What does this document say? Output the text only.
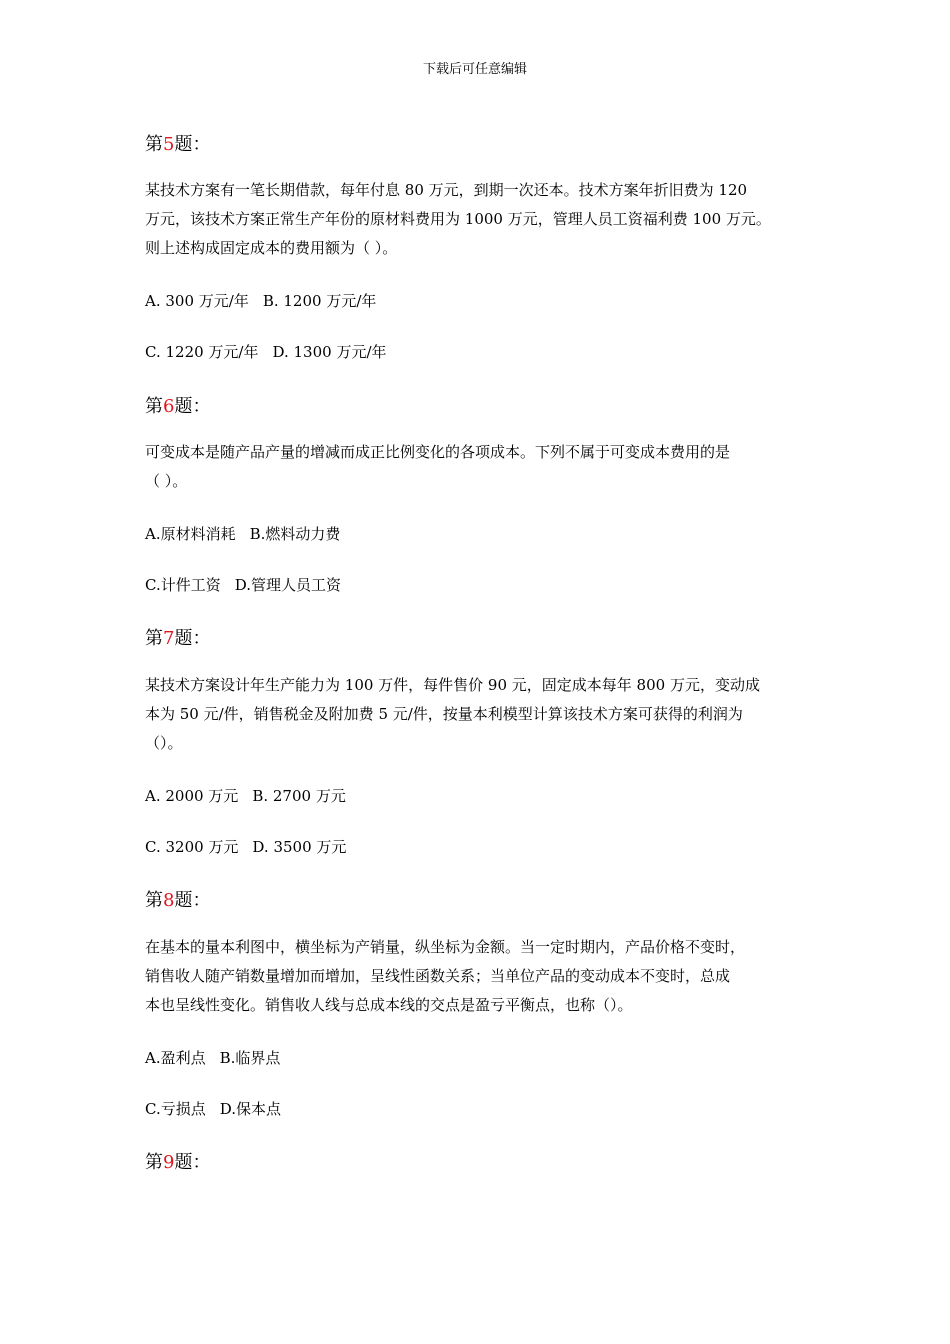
下载后可任意编辑
第5题：

某技术方案有一笔长期借款，每年付息 80 万元，到期一次还本。技术方案年折旧费为 120
万元，该技术方案正常生产年份的原材料费用为 1000 万元，管理人员工资福利费 100 万元。
则上述构成固定成本的费用额为（ ）。

A. 300 万元/年 B. 1200 万元/年
C. 1220 万元/年 D. 1300 万元/年
第6题：

可变成本是随产品产量的增减而成正比例变化的各项成本。下列不属于可变成本费用的是
（ ）。

A.原材料消耗 B.燃料动力费
C.计件工资 D.管理人员工资
第7题：

某技术方案设计年生产能力为 100 万件，每件售价 90 元，固定成本每年 800 万元，变动成
本为 50 元/件，销售税金及附加费 5 元/件，按量本利模型计算该技术方案可获得的利润为
（）。

A. 2000 万元 B. 2700 万元
C. 3200 万元 D. 3500 万元
第8题：

在基本的量本利图中，横坐标为产销量，纵坐标为金额。当一定时期内，产品价格不变时，
销售收人随产销数量增加而增加，呈线性函数关系；当单位产品的变动成本不变时，总成
本也呈线性变化。销售收人线与总成本线的交点是盈亏平衡点，也称（）。

A.盈利点 B.临界点
C.亏损点 D.保本点
第9题：
